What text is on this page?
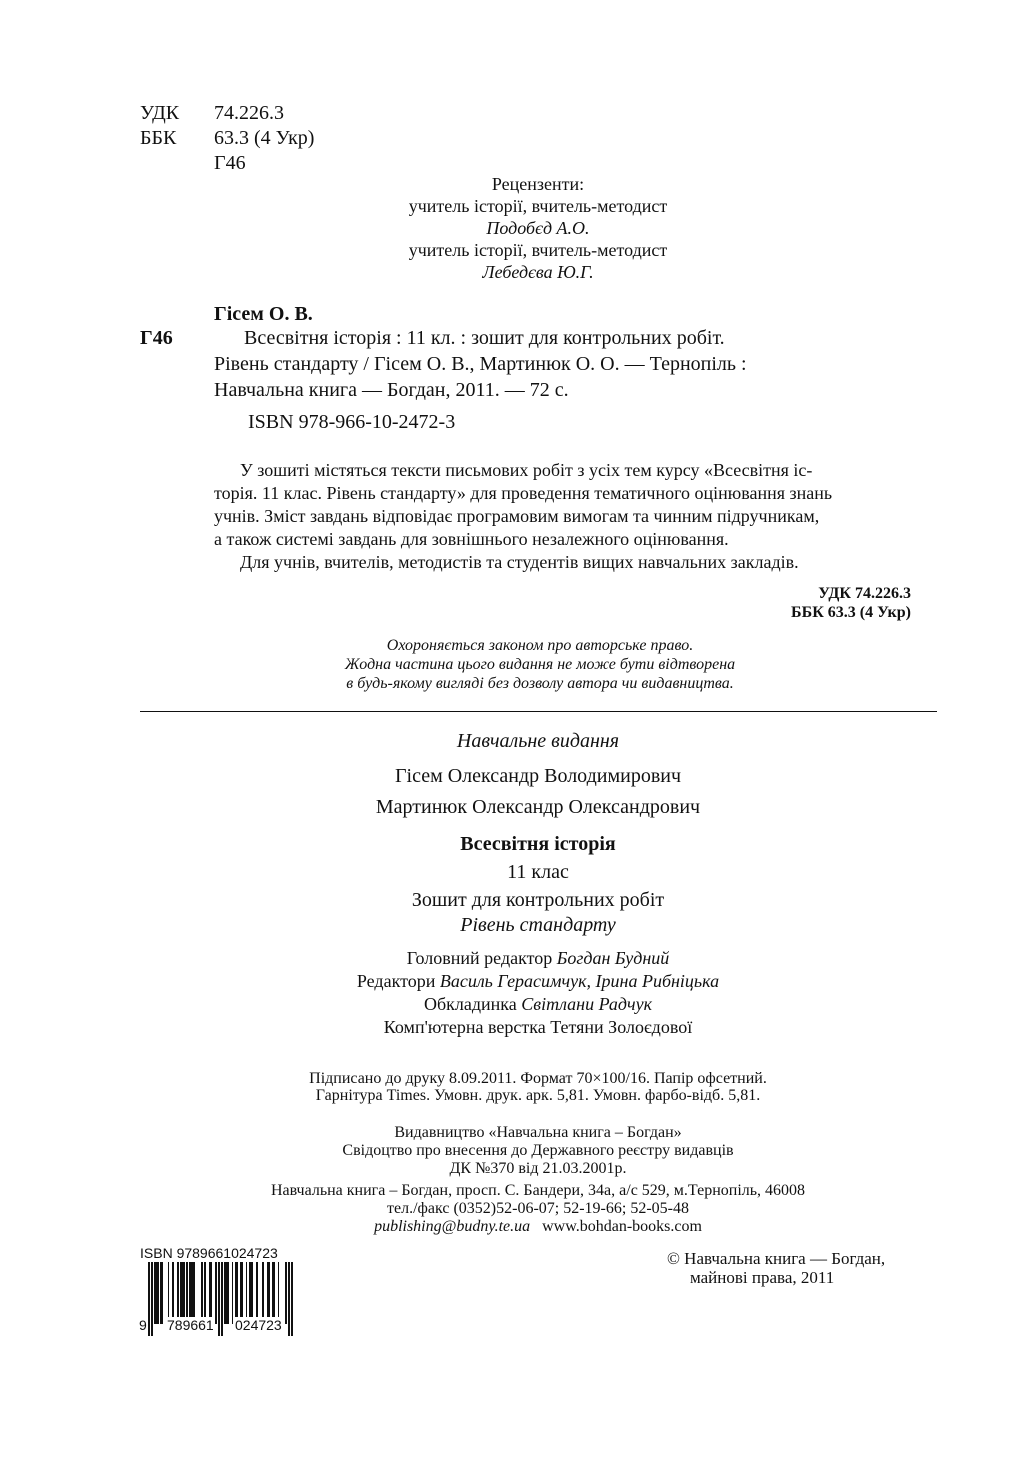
УДК 74.226.3
ББК 63.3 (4 Укр)
Г46
Рецензенти:
учитель історії, вчитель-методист
Подобєд А.О.
учитель історії, вчитель-методист
Лебедєва Ю.Г.
Гісем О. В.
Г46	Всесвітня історія : 11 кл. : зошит для контрольних робіт.
Рівень стандарту / Гісем О. В., Мартинюк О. О. — Тернопіль :
Навчальна книга — Богдан, 2011. — 72 с.
ISBN 978-966-10-2472-3
У зошиті містяться тексти письмових робіт з усіх тем курсу «Всесвітня іс-
торія. 11 клас. Рівень стандарту» для проведення тематичного оцінювання знань
учнів. Зміст завдань відповідає програмовим вимогам та чинним підручникам,
а також системі завдань для зовнішнього незалежного оцінювання.
Для учнів, вчителів, методистів та студентів вищих навчальних закладів.
УДК 74.226.3
ББК 63.3 (4 Укр)
Охороняється законом про авторське право.
Жодна частина цього видання не може бути відтворена
в будь-якому вигляді без дозволу автора чи видавництва.
Навчальне видання
Гісем Олександр Володимирович
Мартинюк Олександр Олександрович
Всесвітня історія
11 клас
Зошит для контрольних робіт
Рівень стандарту
Головний редактор Богдан Будний
Редактори Василь Герасимчук, Ірина Рибніцька
Обкладинка Світлани Радчук
Комп'ютерна верстка Тетяни Золоєдової
Підписано до друку 8.09.2011. Формат 70×100/16. Папір офсетний.
Гарнітура Times. Умовн. друк. арк. 5,81. Умовн. фарбо-відб. 5,81.
Видавництво «Навчальна книга – Богдан»
Свідоцтво про внесення до Державного реєстру видавців
ДК №370 від 21.03.2001р.
Навчальна книга – Богдан, просп. С. Бандери, 34а, а/с 529, м.Тернопіль, 46008
тел./факс (0352)52-06-07; 52-19-66; 52-05-48
publishing@budny.te.ua www.bohdan-books.com
ISBN 9789661024723
9 789661 024723
© Навчальна книга — Богдан,
майнові права, 2011
